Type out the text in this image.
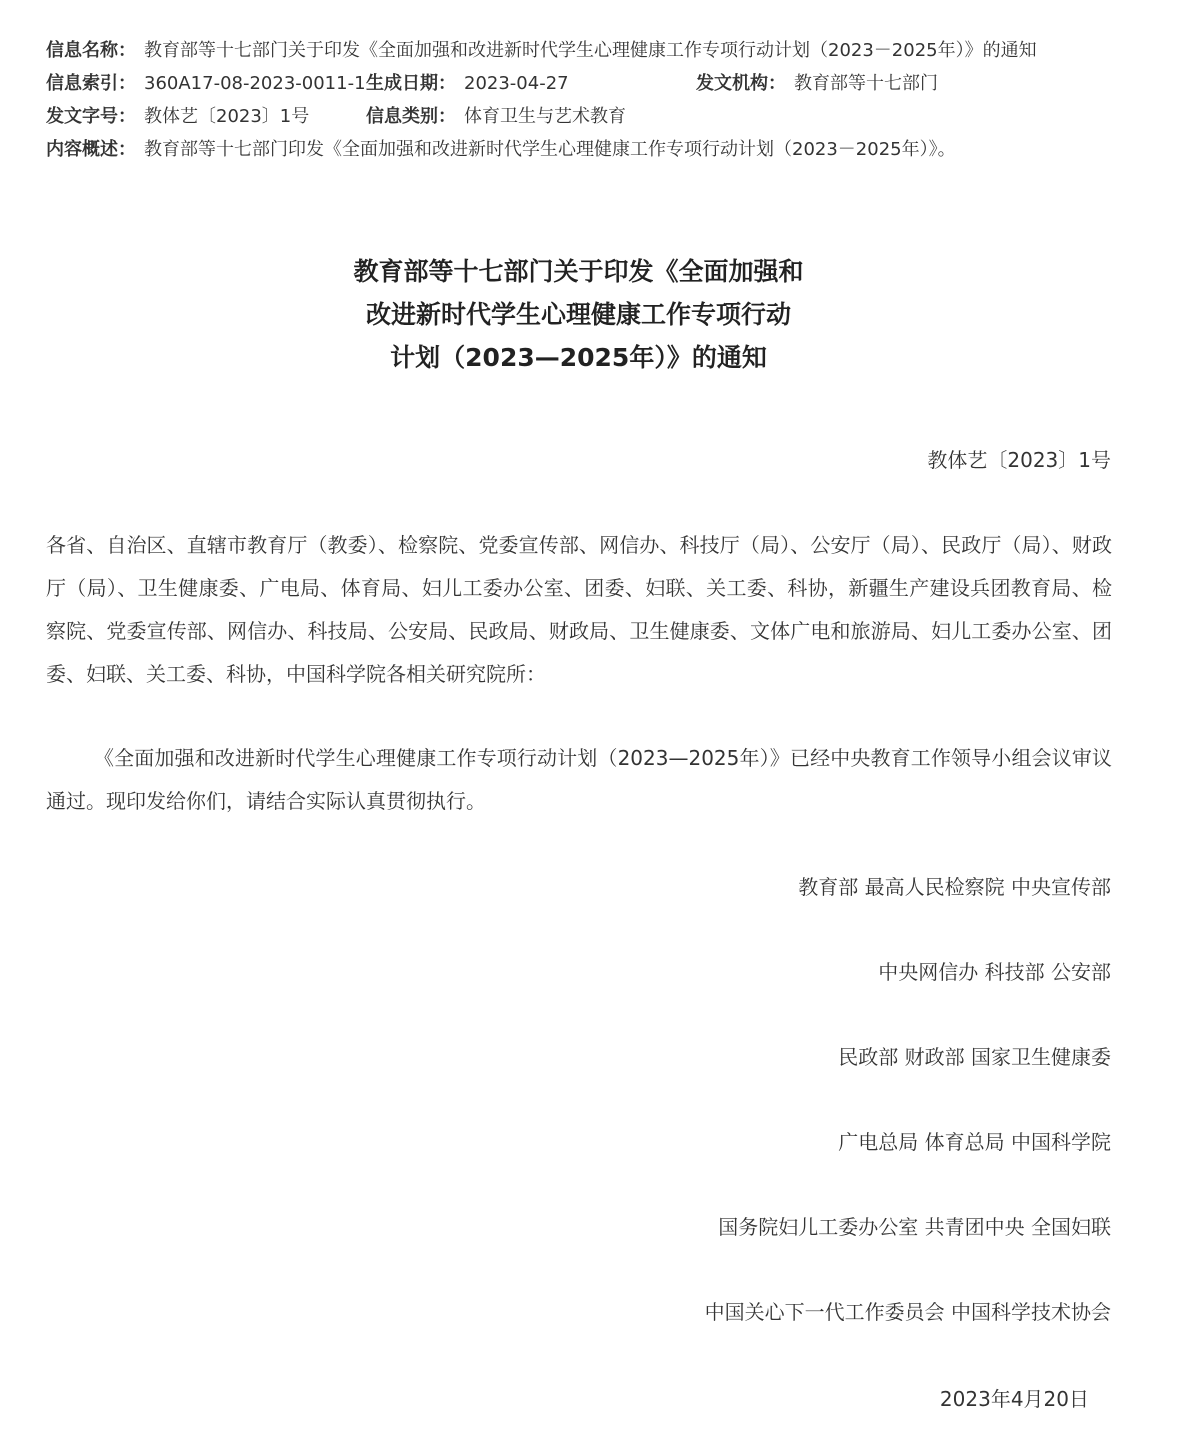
信息名称： 教育部等十七部门关于印发《全面加强和改进新时代学生心理健康工作专项行动计划（2023－2025年）》的通知
信息索引： 360A17-08-2023-0011-1 生成日期： 2023-04-27	发文机构： 教育部等十七部门
发文字号： 教体艺〔2023〕1号	信息类别： 体育卫生与艺术教育
内容概述： 教育部等十七部门印发《全面加强和改进新时代学生心理健康工作专项行动计划（2023－2025年）》。
教育部等十七部门关于印发《全面加强和
改进新时代学生心理健康工作专项行动
计划（2023—2025年）》的通知
教体艺〔2023〕1号
各省、自治区、直辖市教育厅（教委）、检察院、党委宣传部、网信办、科技厅（局）、公安厅（局）、民政厅（局）、财政厅（局）、卫生健康委、广电局、体育局、妇儿工委办公室、团委、妇联、关工委、科协，新疆生产建设兵团教育局、检察院、党委宣传部、网信办、科技局、公安局、民政局、财政局、卫生健康委、文体广电和旅游局、妇儿工委办公室、团委、妇联、关工委、科协，中国科学院各相关研究院所：
《全面加强和改进新时代学生心理健康工作专项行动计划（2023—2025年）》已经中央教育工作领导小组会议审议通过。现印发给你们，请结合实际认真贯彻执行。
教育部 最高人民检察院 中央宣传部
中央网信办 科技部 公安部
民政部 财政部 国家卫生健康委
广电总局 体育总局 中国科学院
国务院妇儿工委办公室 共青团中央 全国妇联
中国关心下一代工作委员会 中国科学技术协会
2023年4月20日
